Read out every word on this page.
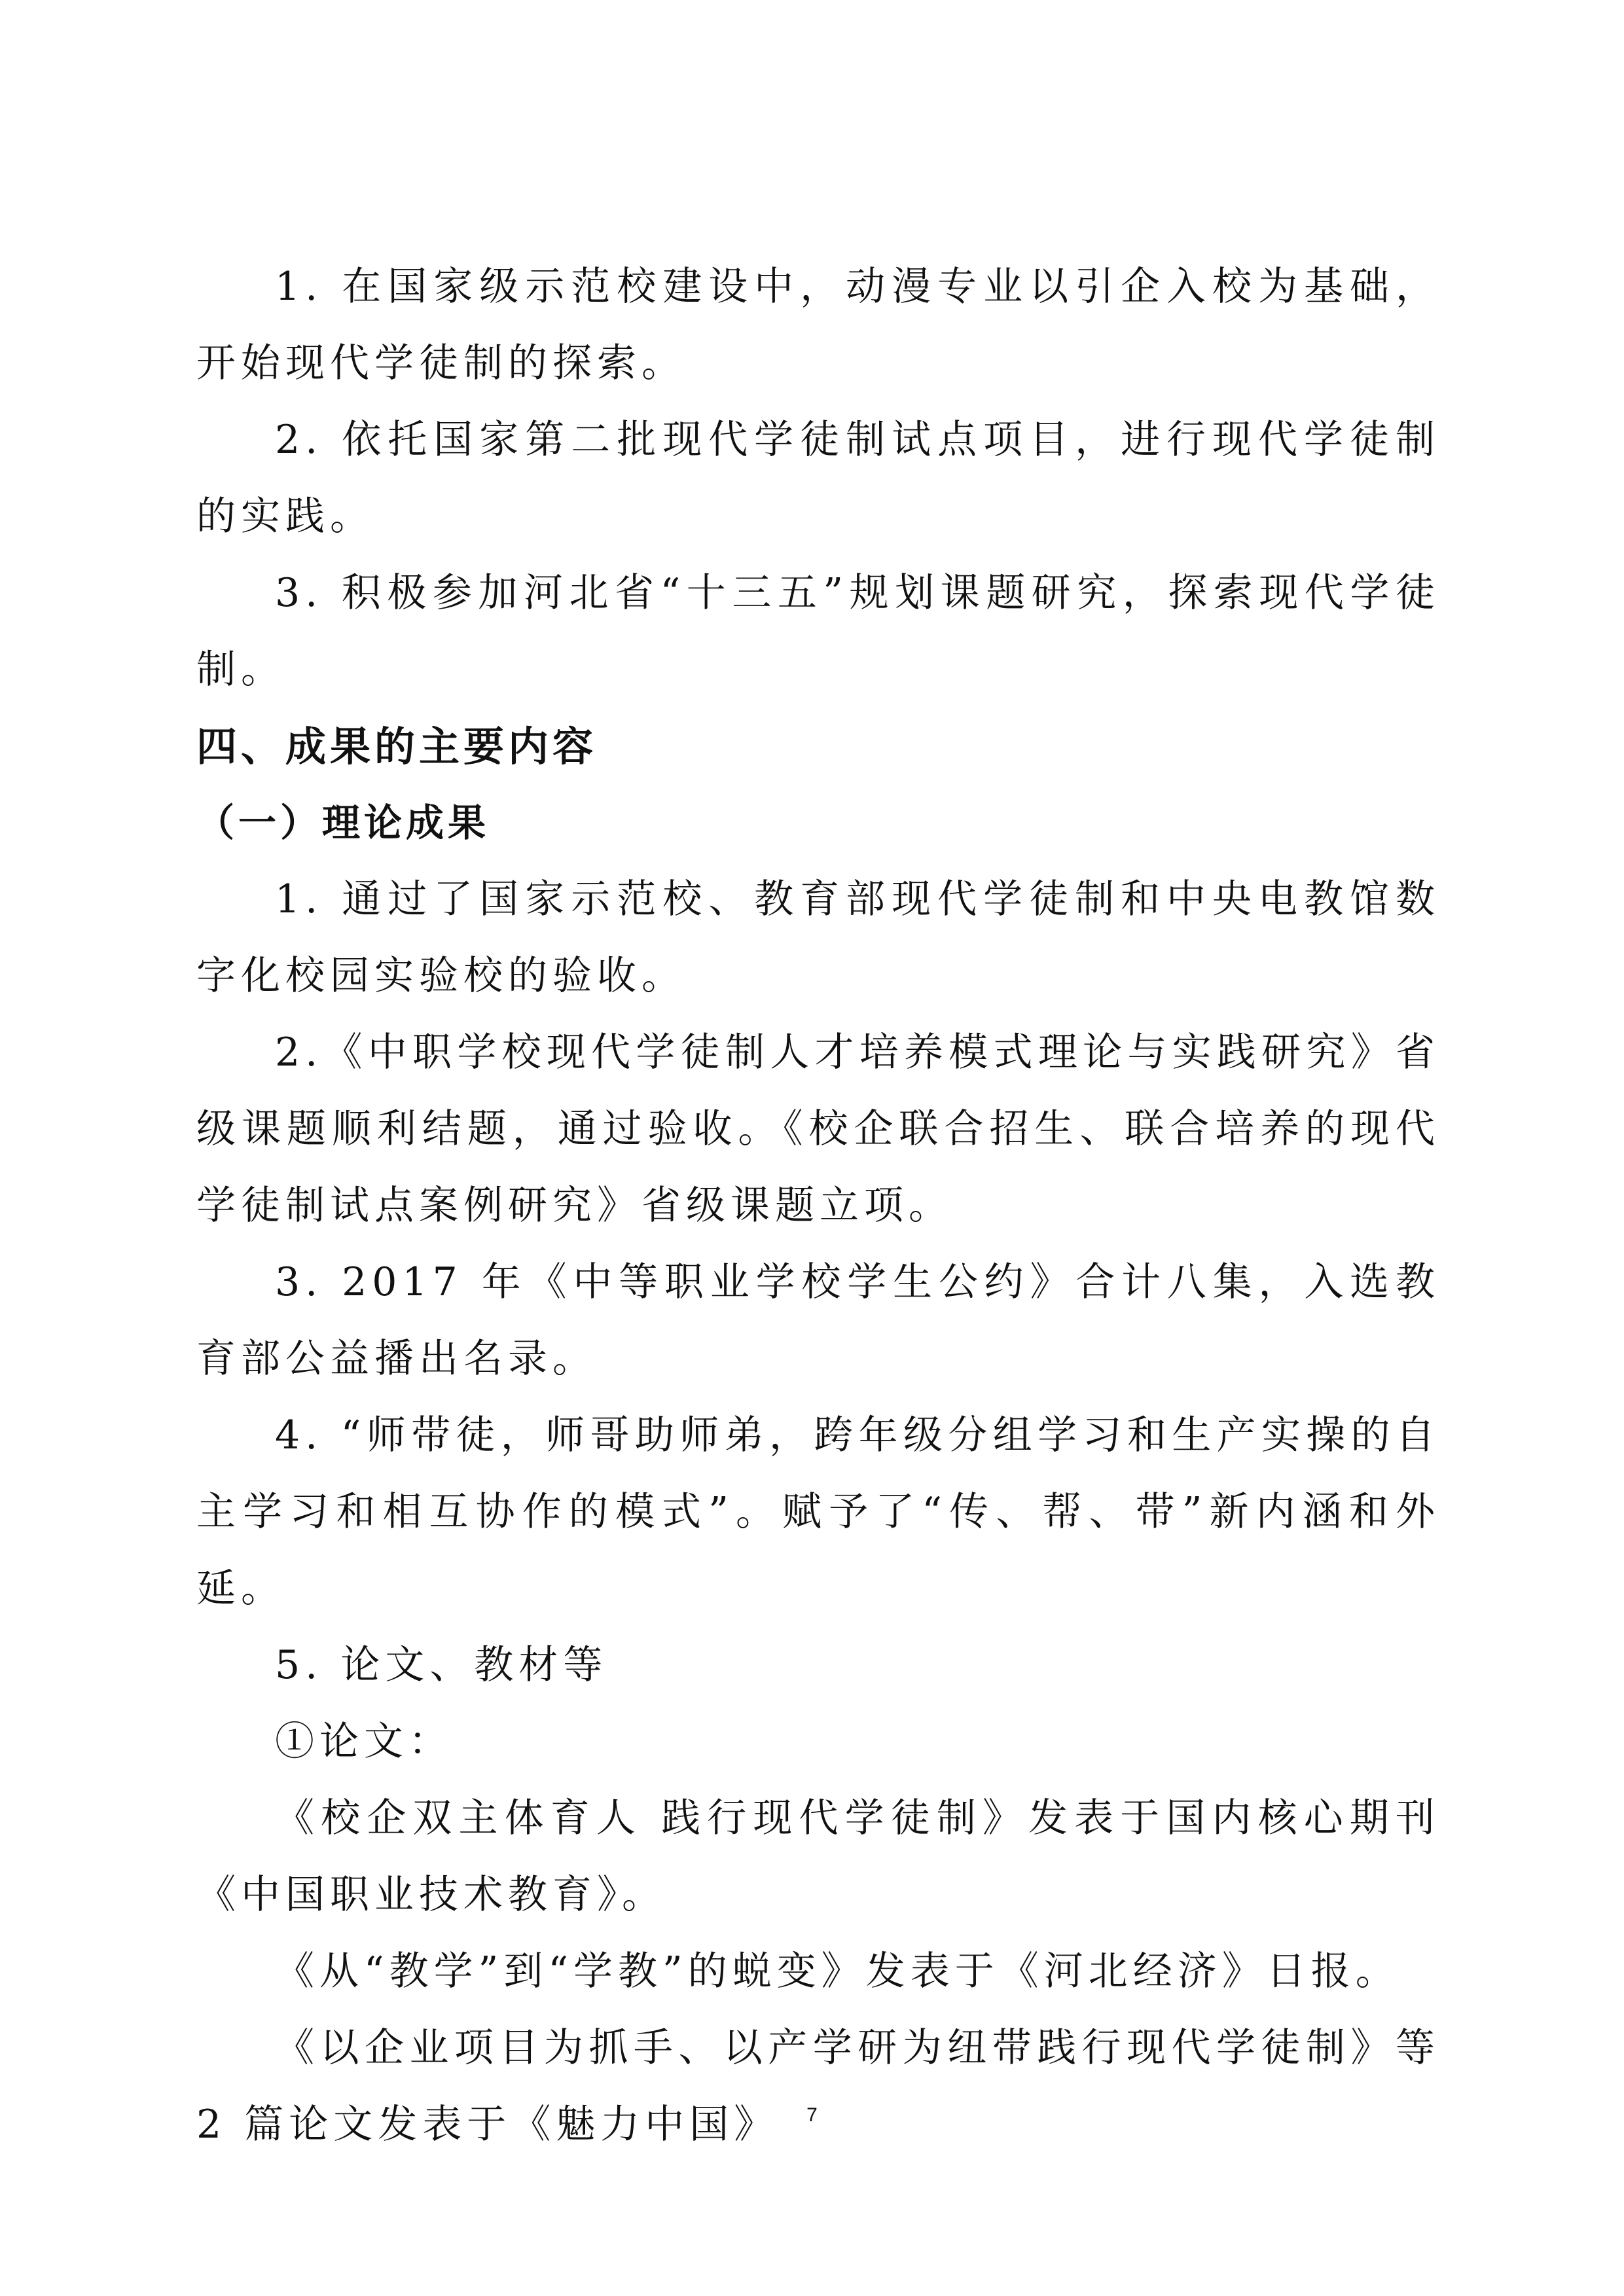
1. 在国家级示范校建设中，动漫专业以引企入校为基础，开始现代学徒制的探索。

2. 依托国家第二批现代学徒制试点项目，进行现代学徒制的实践。

3. 积极参加河北省“十三五”规划课题研究，探索现代学徒制。

四、成果的主要内容
（一）理论成果

1. 通过了国家示范校、教育部现代学徒制和中央电教馆数字化校园实验校的验收。

2.《中职学校现代学徒制人才培养模式理论与实践研究》省级课题顺利结题，通过验收。《校企联合招生、联合培养的现代学徒制试点案例研究》省级课题立项。

3. 2017 年《中等职业学校学生公约》合计八集，入选教育部公益播出名录。

4. “师带徒，师哥助师弟，跨年级分组学习和生产实操的自主学习和相互协作的模式”。赋予了“传、帮、带”新内涵和外延。

5. 论文、教材等

①论文：

《校企双主体育人 践行现代学徒制》发表于国内核心期刊《中国职业技术教育》。

《从“教学”到“学教”的蜕变》发表于《河北经济》日报。

《以企业项目为抓手、以产学研为纽带践行现代学徒制》等 2 篇论文发表于《魅力中国》	7
